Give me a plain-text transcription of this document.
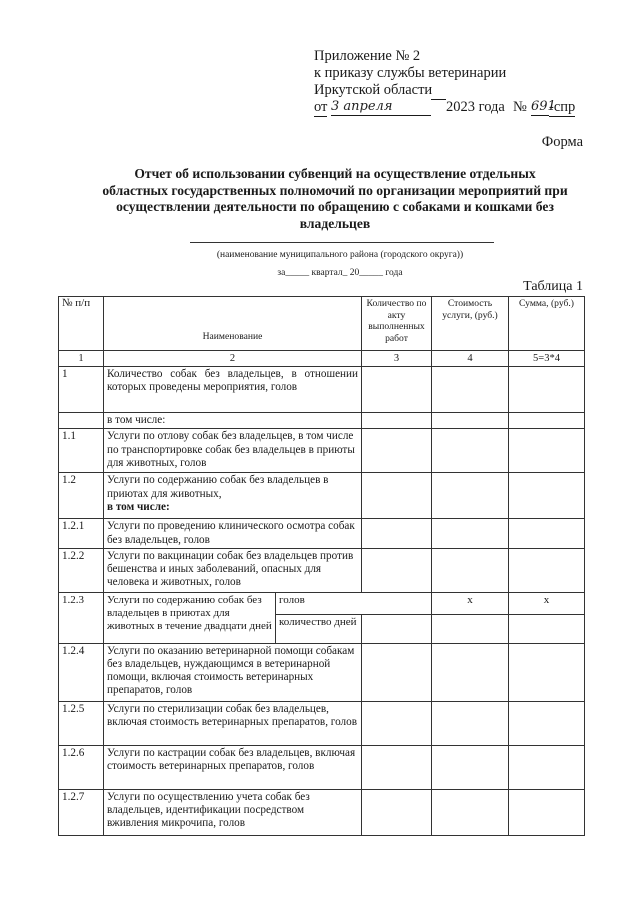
Приложение № 2
к приказу службы ветеринарии
Иркутской области
от 3 апреля	2023 года № 691
-спр
Форма
Отчет об использовании субвенций на осуществление отдельных областных государственных полномочий по организации мероприятий при осуществлении деятельности по обращению с собаками и кошками без владельцев
(наименование муниципального района (городского округа))
за_____ квартал_ 20_____ года
Таблица 1
№ п/п	Наименование		Количество по акту выполненных работ	Стоимость услуги, (руб.)	Сумма, (руб.)
1	2		3	4	5=3*4
1	Количество собак без владельцев, в отношении которых проведены мероприятия, голов				
	в том числе:				
1.1	Услуги по отлову собак без владельцев, в том числе по транспортировке собак без владельцев в приюты для животных, голов				
1.2	Услуги по содержанию собак без владельцев в приютах для животных,
в том числе:				
1.2.1	Услуги по проведению клинического осмотра собак без владельцев, голов				
1.2.2	Услуги по вакцинации собак без владельцев против бешенства и иных заболеваний, опасных для человека и животных, голов				
1.2.3	Услуги по содержанию собак без владельцев в приютах для животных в течение двадцати дней	голов		х	х
		количество дней			
1.2.4	Услуги по оказанию ветеринарной помощи собакам без владельцев, нуждающимся в ветеринарной помощи, включая стоимость ветеринарных препаратов, голов				
1.2.5	Услуги по стерилизации собак без владельцев, включая стоимость ветеринарных препаратов, голов				
1.2.6	Услуги по кастрации собак без владельцев, включая стоимость ветеринарных препаратов, голов				
1.2.7	Услуги по осуществлению учета собак без владельцев, идентификации посредством вживления микрочипа, голов				
